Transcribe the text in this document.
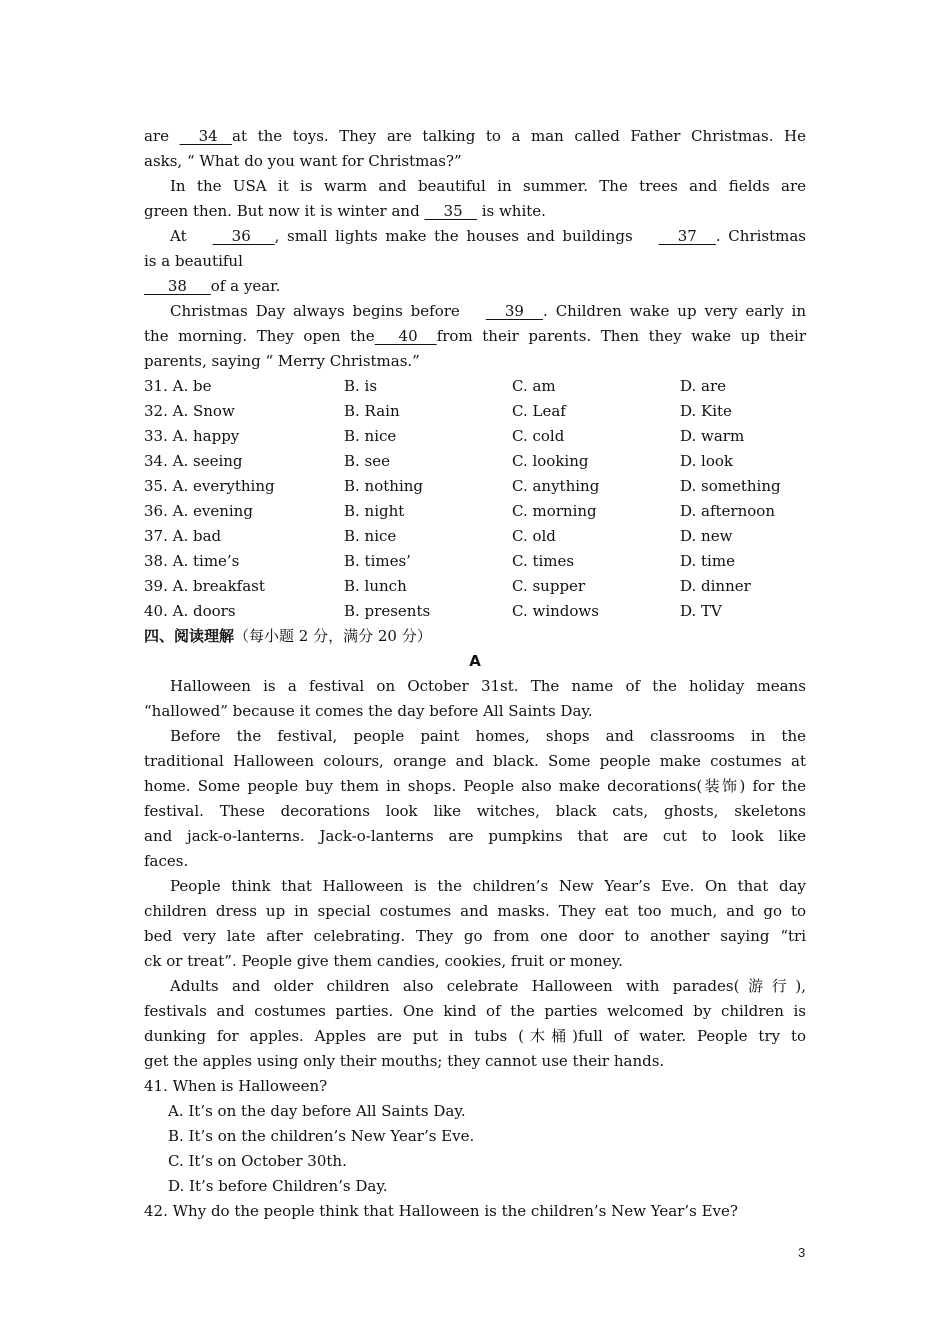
are     34   at the toys. They are talking to a man called Father Christmas. He
asks, “ What do you want for Christmas?”
In the USA it is warm and beautiful in summer. The trees and fields are
green then. But now it is winter and     35    is white.
At    36     , small lights make the houses and buildings    37    . Christmas
is a beautiful
38     of a year.
Christmas Day always begins before    39    . Children wake up very early in
the morning. They open the     40    from their parents. Then they wake up their
parents, saying “ Merry Christmas.”
31. A. be	B. is	C. am	D. are
32. A. Snow	B. Rain	C. Leaf	D. Kite
33. A. happy	B. nice	C. cold	D. warm
34. A. seeing	B. see	C. looking	D. look
35. A. everything	B. nothing	C. anything	D. something
36. A. evening	B. night	C. morning	D. afternoon
37. A. bad	B. nice	C. old	D. new
38. A. time’s	B. times’	C. times	D. time
39. A. breakfast	B. lunch	C. supper	D. dinner
40. A. doors	B. presents	C. windows	D. TV
四、阅读理解（每小题 2 分，满分 20 分）
A
Halloween is a festival on October 31st. The name of the holiday means
“hallowed” because it comes the day before All Saints Day.
Before the festival, people paint homes, shops and classrooms in the
traditional Halloween colours, orange and black. Some people make costumes at
home. Some people buy them in shops. People also make decorations(装饰) for the
festival. These decorations look like witches, black cats, ghosts, skeletons
and jack-o-lanterns. Jack-o-lanterns are pumpkins that are cut to look like
faces.
People think that Halloween is the children’s New Year’s Eve. On that day
children dress up in special costumes and masks. They eat too much, and go to
bed very late after celebrating. They go from one door to another saying “tri
ck or treat”. People give them candies, cookies, fruit or money.
Adults and older children also celebrate Halloween with parades(游行),
festivals and costumes parties. One kind of the parties welcomed by children is
dunking for apples. Apples are put in tubs (木桶)full of water. People try to
get the apples using only their mouths; they cannot use their hands.
41. When is Halloween?
A. It’s on the day before All Saints Day.
B. It’s on the children’s New Year’s Eve.
C. It’s on October 30th.
D. It’s before Children’s Day.
42. Why do the people think that Halloween is the children’s New Year’s Eve?
3
